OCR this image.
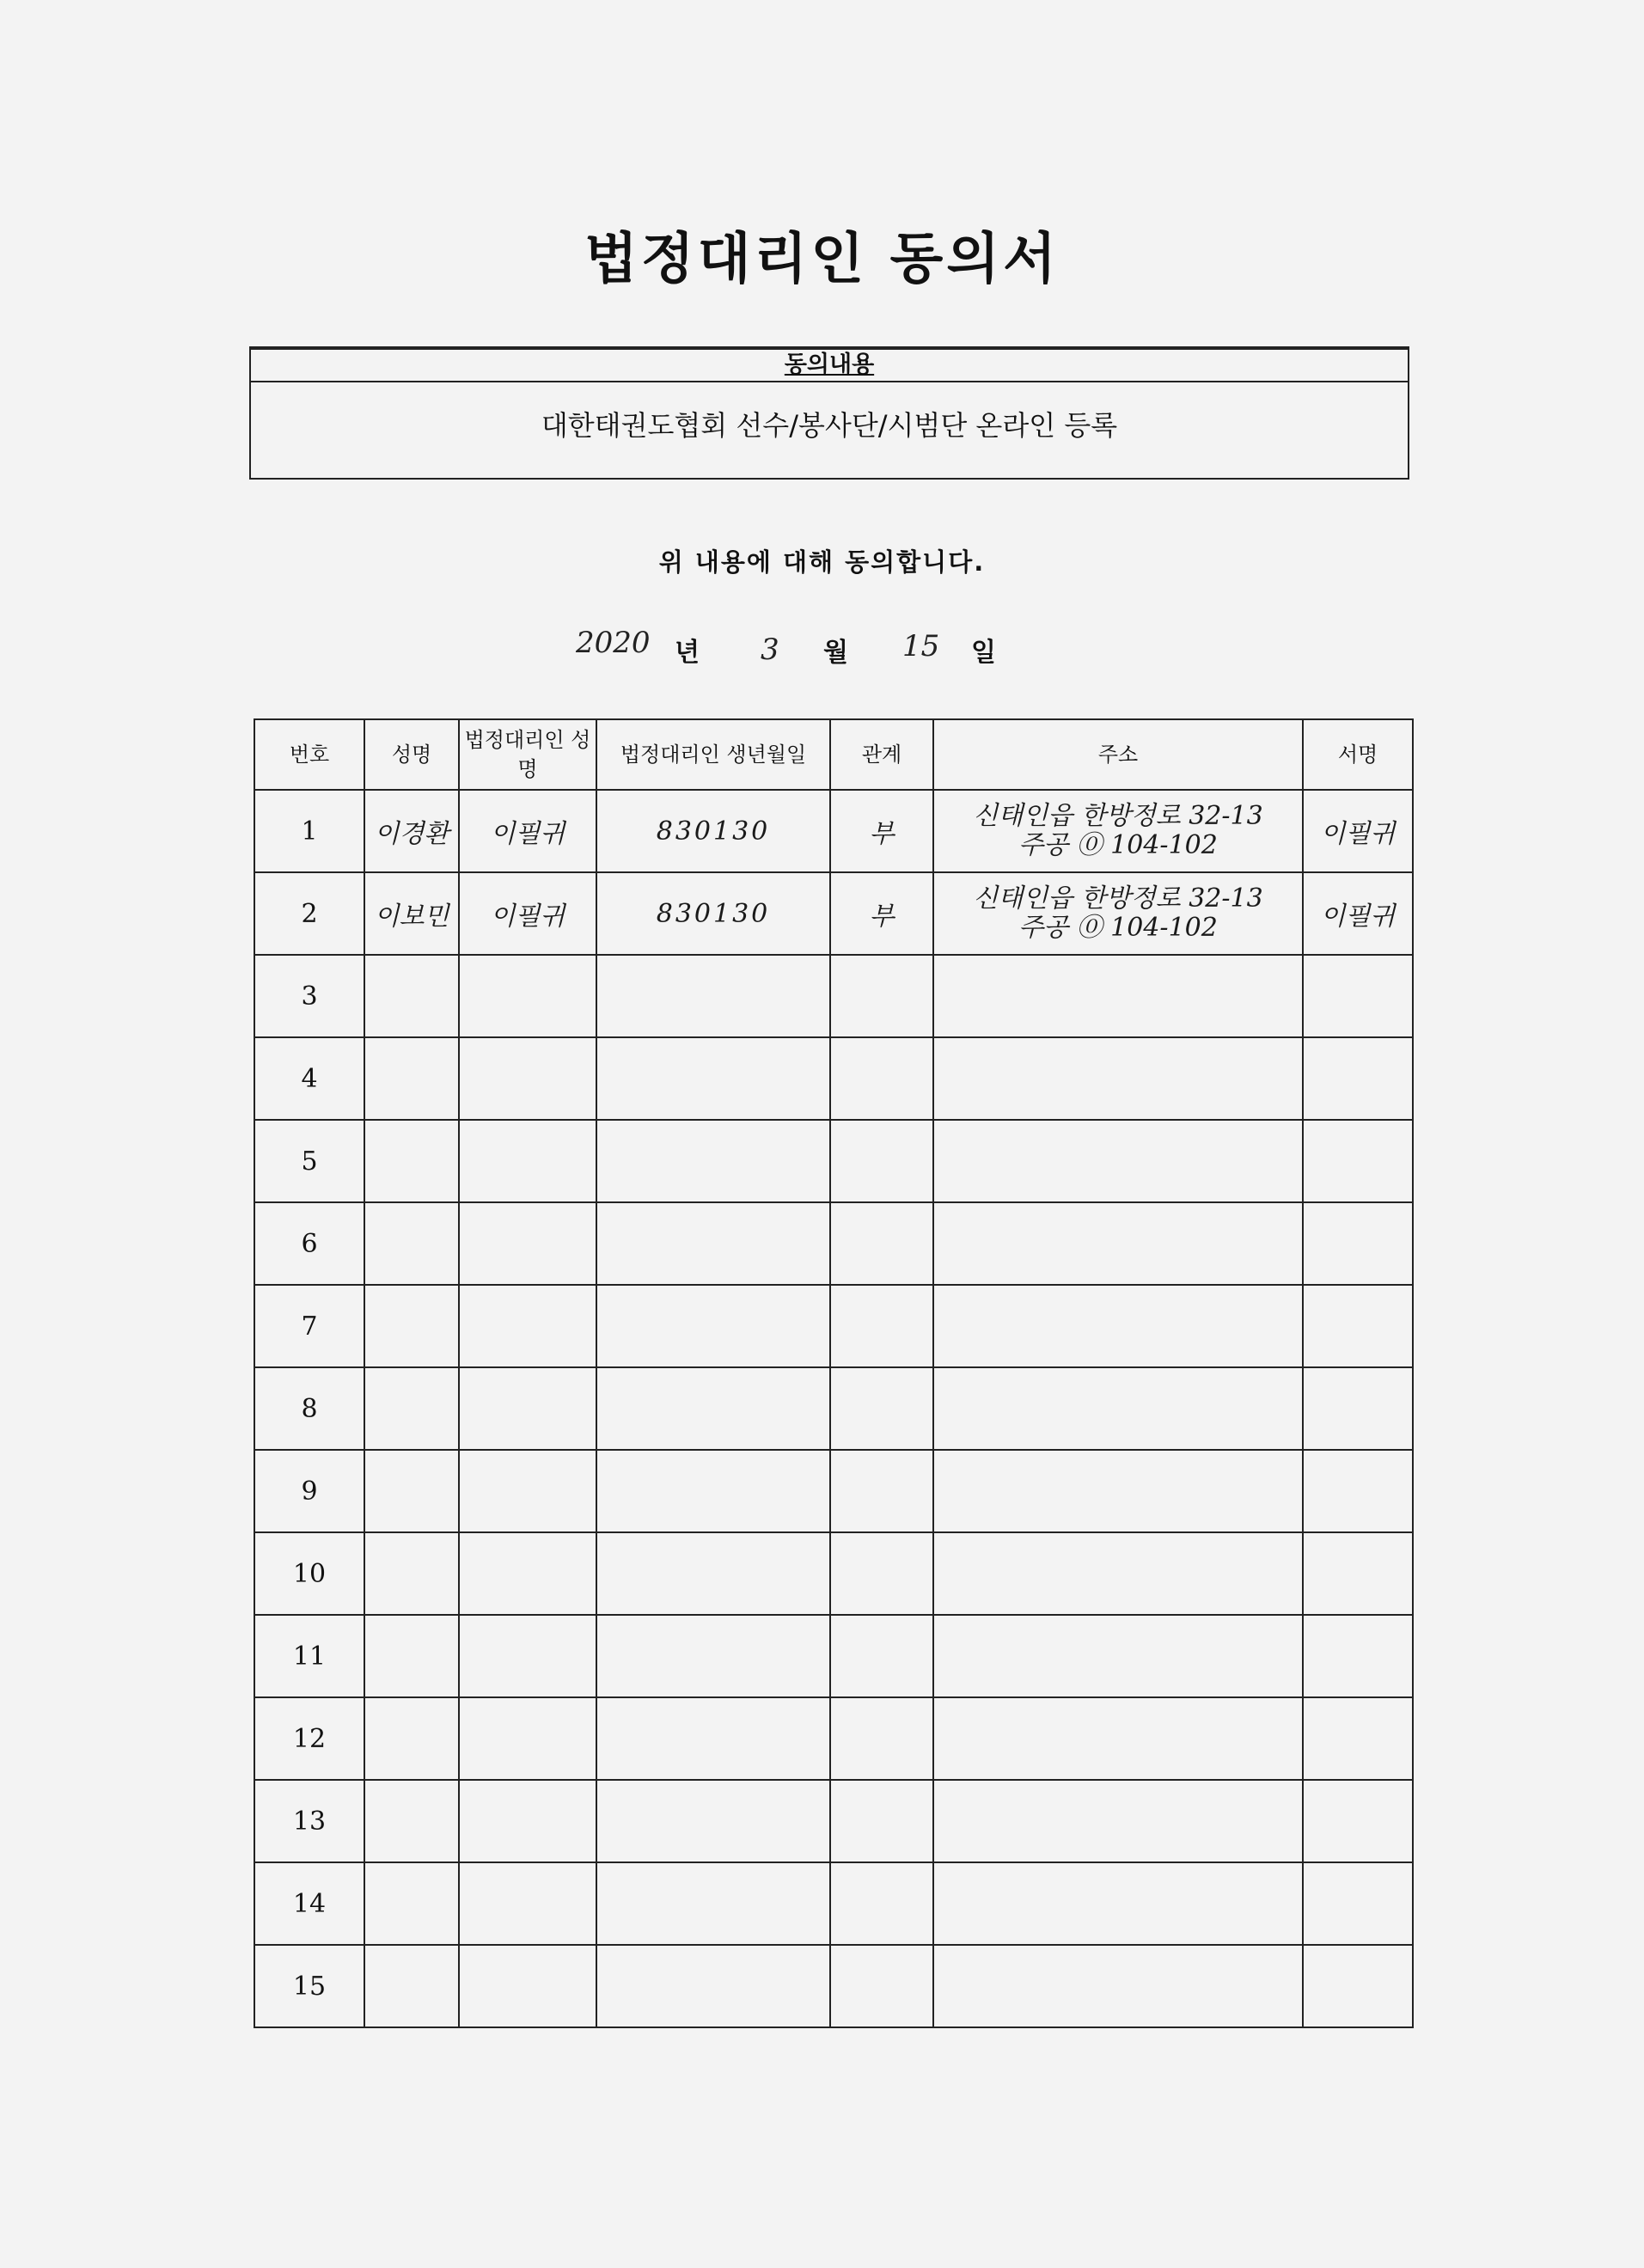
법정대리인 동의서
동의내용
대한태권도협회 선수/봉사단/시범단 온라인 등록
위 내용에 대해 동의합니다.
2020 년 3 월 15 일
번호	성명	법정대리인 성명	법정대리인 생년월일	관계	주소	서명
1	이경환	이필귀	830130	부	신태인읍 한방정로 32-13
주공 ⓪ 104-102	이필귀
2	이보민	이필귀	830130	부	신태인읍 한방정로 32-13
주공 ⓪ 104-102	이필귀
3						
4						
5						
6						
7						
8						
9						
10						
11						
12						
13						
14						
15						
